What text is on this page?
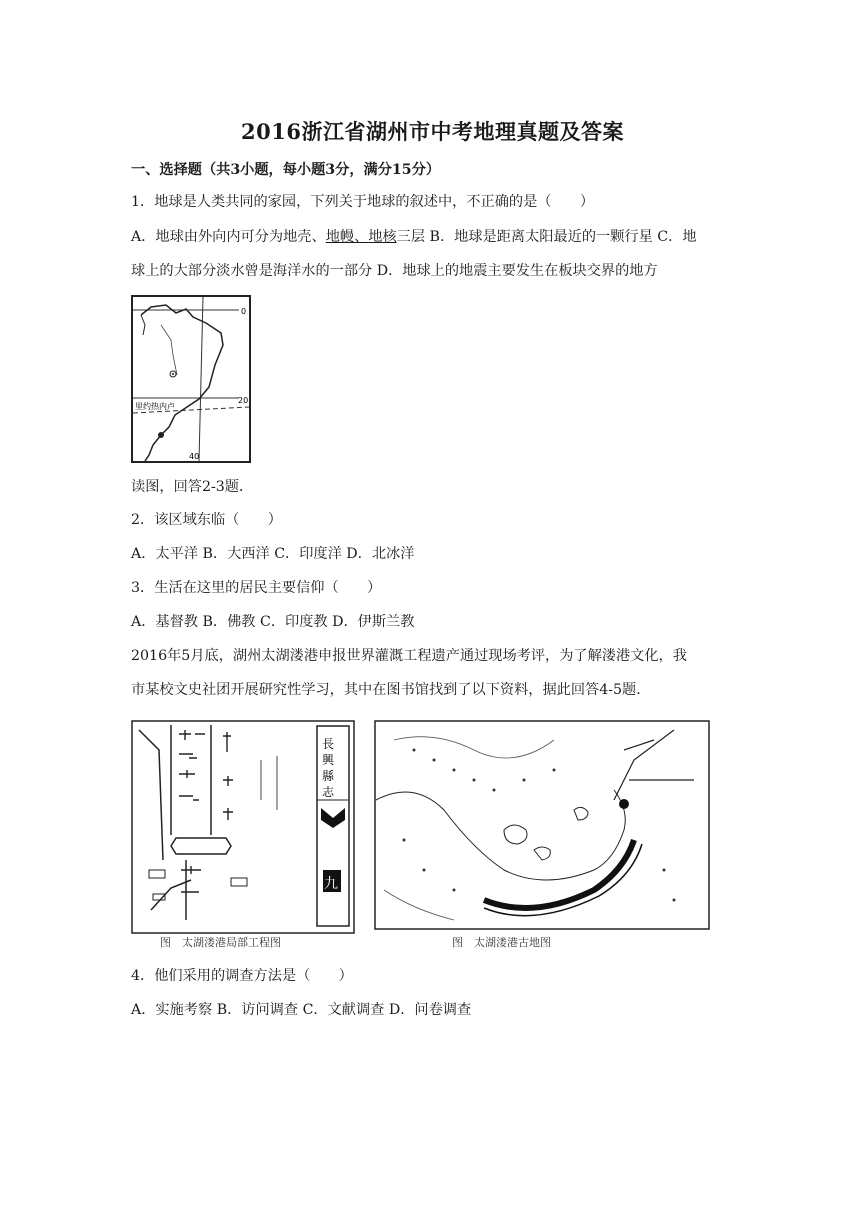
2016浙江省湖州市中考地理真题及答案
一、选择题（共3小题，每小题3分，满分15分）
1．地球是人类共同的家园，下列关于地球的叙述中，不正确的是（　　）
A．地球由外向内可分为地壳、地幔、地核三层 B．地球是距离太阳最近的一颗行星 C．地
球上的大部分淡水曾是海洋水的一部分 D．地球上的地震主要发生在板块交界的地方
0
20
40
里约热内卢
读图，回答2-3题．
2．该区域东临（　　）
A．太平洋 B．大西洋 C．印度洋 D．北冰洋
3．生活在这里的居民主要信仰（　　）
A．基督教 B．佛教 C．印度教 D．伊斯兰教
2016年5月底，湖州太湖溇港申报世界灌溉工程遗产通过现场考评，为了解溇港文化，我
市某校文史社团开展研究性学习，其中在图书馆找到了以下资料，据此回答4-5题．
長
興
縣
志
九
图　太湖溇港局部工程图	图　太湖溇港古地图
4．他们采用的调查方法是（　　）
A．实施考察 B．访问调查 C．文献调查 D．问卷调查
